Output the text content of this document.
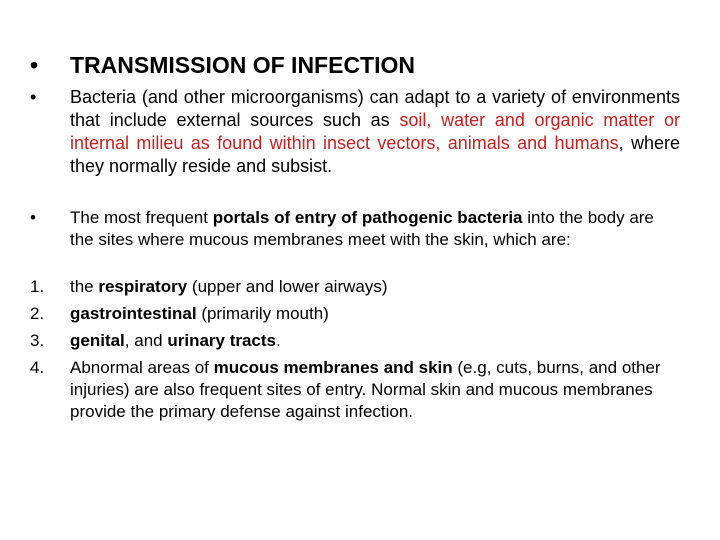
•	TRANSMISSION OF INFECTION
•	Bacteria (and other microorganisms) can adapt to a variety of environments that include external sources such as soil, water and organic matter or internal milieu as found within insect vectors, animals and humans, where they normally reside and subsist.
•	The most frequent portals of entry of pathogenic bacteria into the body are the sites where mucous membranes meet with the skin, which are:
1.	the respiratory (upper and lower airways)
2.	gastrointestinal (primarily mouth)
3.	genital, and urinary tracts.
4.	Abnormal areas of mucous membranes and skin (e.g, cuts, burns, and other injuries) are also frequent sites of entry. Normal skin and mucous membranes provide the primary defense against infection.
